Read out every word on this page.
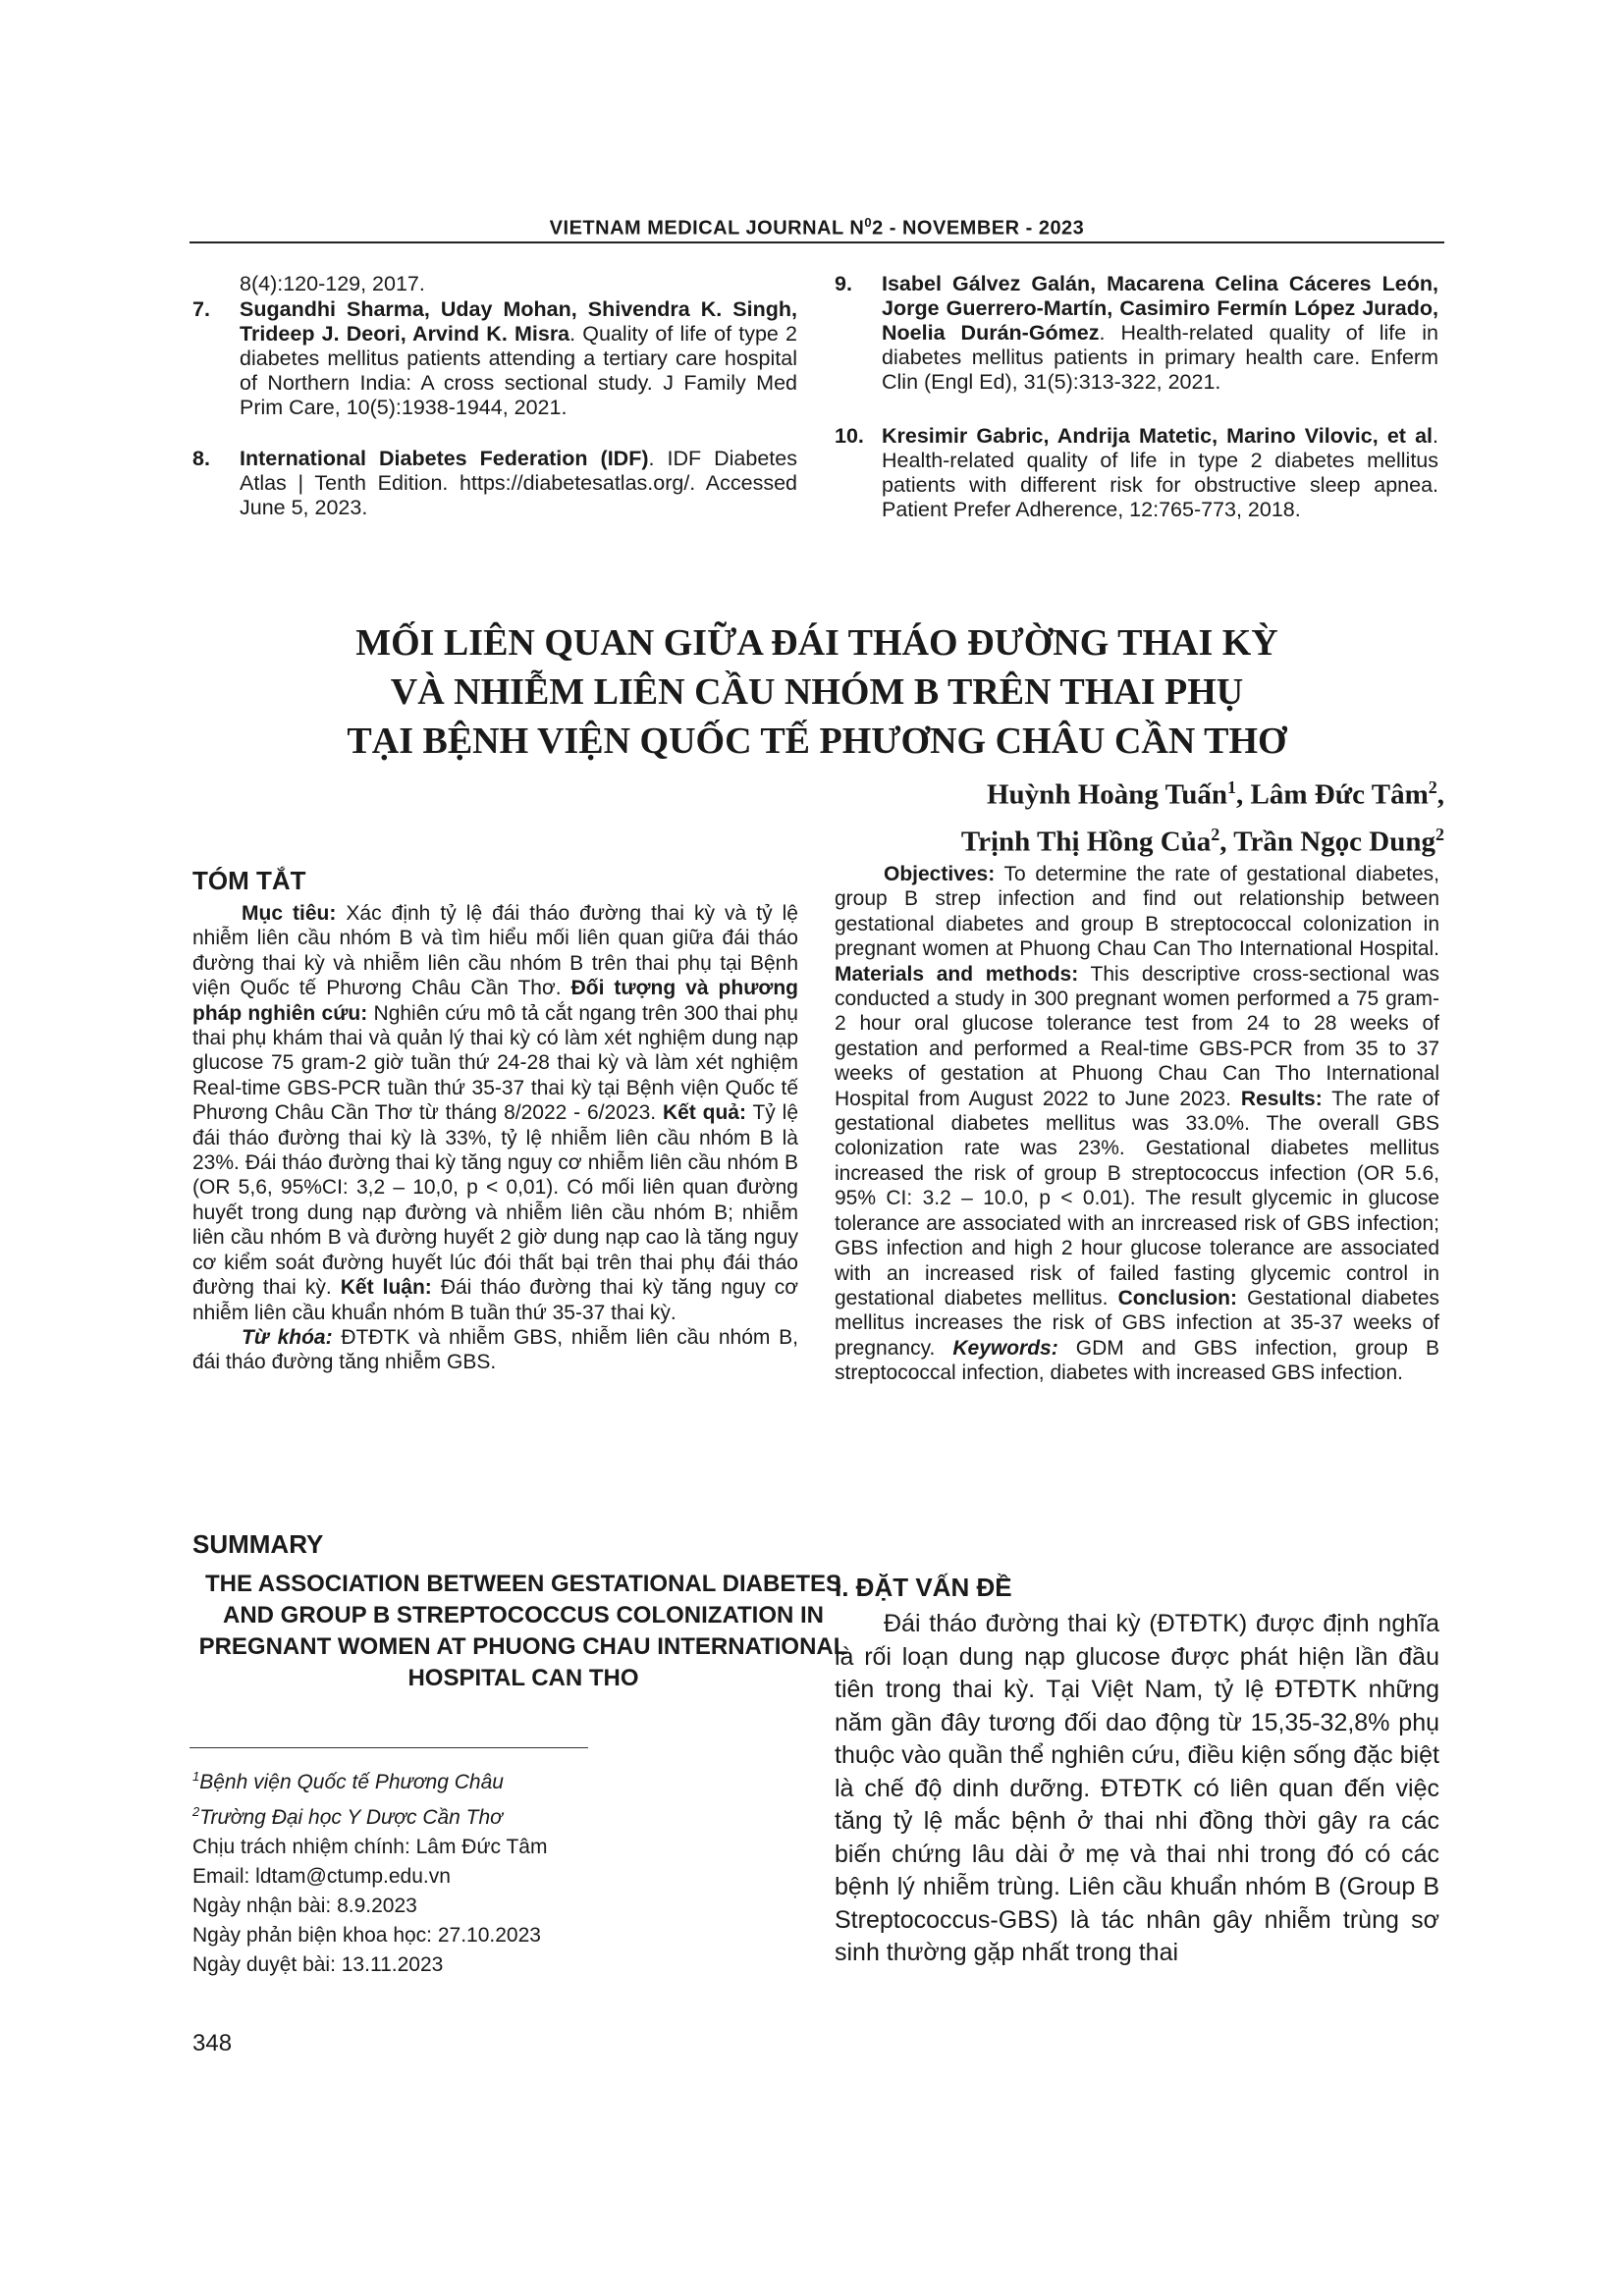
VIETNAM MEDICAL JOURNAL $N^02$ - NOVEMBER - 2023
8(4):120-129, 2017.
7. Sugandhi Sharma, Uday Mohan, Shivendra K. Singh, Trideep J. Deori, Arvind K. Misra. Quality of life of type 2 diabetes mellitus patients attending a tertiary care hospital of Northern India: A cross sectional study. J Family Med Prim Care, 10(5):1938-1944, 2021.
8. International Diabetes Federation (IDF). IDF Diabetes Atlas | Tenth Edition. https://diabetesatlas.org/. Accessed June 5, 2023.
9. Isabel Gálvez Galán, Macarena Celina Cáceres León, Jorge Guerrero-Martín, Casimiro Fermín López Jurado, Noelia Durán-Gómez. Health-related quality of life in diabetes mellitus patients in primary health care. Enferm Clin (Engl Ed), 31(5):313-322, 2021.
10. Kresimir Gabric, Andrija Matetic, Marino Vilovic, et al. Health-related quality of life in type 2 diabetes mellitus patients with different risk for obstructive sleep apnea. Patient Prefer Adherence, 12:765-773, 2018.
MỐI LIÊN QUAN GIỮA ĐÁI THÁO ĐƯỜNG THAI KỲ
VÀ NHIỄM LIÊN CẦU NHÓM B TRÊN THAI PHỤ
TẠI BỆNH VIỆN QUỐC TẾ PHƯƠNG CHÂU CẦN THƠ
Huỳnh Hoàng Tuấn$^1$, Lâm Đức Tâm$^2$,
Trịnh Thị Hồng Của$^2$, Trần Ngọc Dung$^2$
TÓM TẮT

Mục tiêu: Xác định tỷ lệ đái tháo đường thai kỳ và tỷ lệ nhiễm liên cầu nhóm B và tìm hiểu mối liên quan giữa đái tháo đường thai kỳ và nhiễm liên cầu nhóm B trên thai phụ tại Bệnh viện Quốc tế Phương Châu Cần Thơ. Đối tượng và phương pháp nghiên cứu: Nghiên cứu mô tả cắt ngang trên 300 thai phụ thai phụ khám thai và quản lý thai kỳ có làm xét nghiệm dung nạp glucose 75 gram-2 giờ tuần thứ 24-28 thai kỳ và làm xét nghiệm Real-time GBS-PCR tuần thứ 35-37 thai kỳ tại Bệnh viện Quốc tế Phương Châu Cần Thơ từ tháng 8/2022 - 6/2023. Kết quả: Tỷ lệ đái tháo đường thai kỳ là 33%, tỷ lệ nhiễm liên cầu nhóm B là 23%. Đái tháo đường thai kỳ tăng nguy cơ nhiễm liên cầu nhóm B (OR 5,6, 95%CI: 3,2 – 10,0, p < 0,01). Có mối liên quan đường huyết trong dung nạp đường và nhiễm liên cầu nhóm B; nhiễm liên cầu nhóm B và đường huyết 2 giờ dung nạp cao là tăng nguy cơ kiểm soát đường huyết lúc đói thất bại trên thai phụ đái tháo đường thai kỳ. Kết luận: Đái tháo đường thai kỳ tăng nguy cơ nhiễm liên cầu khuẩn nhóm B tuần thứ 35-37 thai kỳ.

Từ khóa: ĐTĐTK và nhiễm GBS, nhiễm liên cầu nhóm B, đái tháo đường tăng nhiễm GBS.

SUMMARY
THE ASSOCIATION BETWEEN GESTATIONAL DIABETES AND GROUP B STREPTOCOCCUS COLONIZATION IN PREGNANT WOMEN AT PHUONG CHAU INTERNATIONAL HOSPITAL CAN THO
$^1$Bệnh viện Quốc tế Phương Châu
$^2$Trường Đại học Y Dược Cần Thơ
Chịu trách nhiệm chính: Lâm Đức Tâm
Email: ldtam@ctump.edu.vn
Ngày nhận bài: 8.9.2023
Ngày phản biện khoa học: 27.10.2023
Ngày duyệt bài: 13.11.2023

Objectives: To determine the rate of gestational diabetes, group B strep infection and find out relationship between gestational diabetes and group B streptococcal colonization in pregnant women at Phuong Chau Can Tho International Hospital. Materials and methods: This descriptive cross-sectional was conducted a study in 300 pregnant women performed a 75 gram-2 hour oral glucose tolerance test from 24 to 28 weeks of gestation and performed a Real-time GBS-PCR from 35 to 37 weeks of gestation at Phuong Chau Can Tho International Hospital from August 2022 to June 2023. Results: The rate of gestational diabetes mellitus was 33.0%. The overall GBS colonization rate was 23%. Gestational diabetes mellitus increased the risk of group B streptococcus infection (OR 5.6, 95% CI: 3.2 – 10.0, p < 0.01). The result glycemic in glucose tolerance are associated with an inrcreased risk of GBS infection; GBS infection and high 2 hour glucose tolerance are associated with an increased risk of failed fasting glycemic control in gestational diabetes mellitus. Conclusion: Gestational diabetes mellitus increases the risk of GBS infection at 35-37 weeks of pregnancy. Keywords: GDM and GBS infection, group B streptococcal infection, diabetes with increased GBS infection.

I. ĐẶT VẤN ĐỀ

Đái tháo đường thai kỳ (ĐTĐTK) được định nghĩa là rối loạn dung nạp glucose được phát hiện lần đầu tiên trong thai kỳ. Tại Việt Nam, tỷ lệ ĐTĐTK những năm gần đây tương đối dao động từ 15,35-32,8% phụ thuộc vào quần thể nghiên cứu, điều kiện sống đặc biệt là chế độ dinh dưỡng. ĐTĐTK có liên quan đến việc tăng tỷ lệ mắc bệnh ở thai nhi đồng thời gây ra các biến chứng lâu dài ở mẹ và thai nhi trong đó có các bệnh lý nhiễm trùng. Liên cầu khuẩn nhóm B (Group B Streptococcus-GBS) là tác nhân gây nhiễm trùng sơ sinh thường gặp nhất trong thai

348
